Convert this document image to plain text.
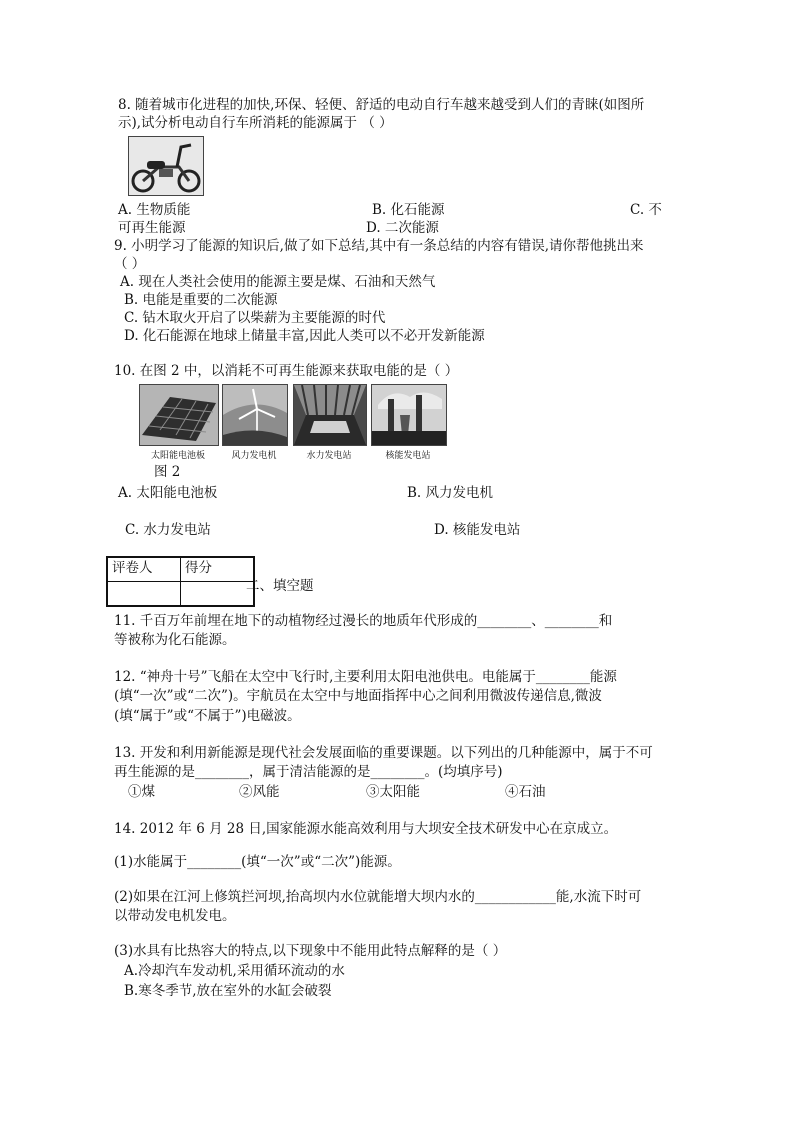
8. 随着城市化进程的加快,环保、轻便、舒适的电动自行车越来越受到人们的青睐(如图所
示),试分析电动自行车所消耗的能源属于 （ ）
A. 生物质能	B. 化石能源	C. 不
可再生能源	D. 二次能源
9. 小明学习了能源的知识后,做了如下总结,其中有一条总结的内容有错误,请你帮他挑出来
（ ）
A. 现在人类社会使用的能源主要是煤、石油和天然气
B. 电能是重要的二次能源
C. 钻木取火开启了以柴薪为主要能源的时代
D. 化石能源在地球上储量丰富,因此人类可以不必开发新能源
10. 在图 2 中，以消耗不可再生能源来获取电能的是（ ）
太阳能电池板	风力发电机	水力发电站	核能发电站
图 2
A. 太阳能电池板	B. 风力发电机
C. 水力发电站	D. 核能发电站
评卷人	得分

二、填空题
11. 千百万年前埋在地下的动植物经过漫长的地质年代形成的________、________和
等被称为化石能源。
12. “神舟十号”飞船在太空中飞行时,主要利用太阳电池供电。电能属于________能源
(填“一次”或“二次”)。宇航员在太空中与地面指挥中心之间利用微波传递信息,微波
(填“属于”或“不属于”)电磁波。
13. 开发和利用新能源是现代社会发展面临的重要课题。以下列出的几种能源中，属于不可
再生能源的是________，属于清洁能源的是________。(均填序号)
①煤	②风能	③太阳能	④石油
14. 2012 年 6 月 28 日,国家能源水能高效利用与大坝安全技术研发中心在京成立。
(1)水能属于________(填“一次”或“二次”)能源。
(2)如果在江河上修筑拦河坝,抬高坝内水位就能增大坝内水的____________能,水流下时可
以带动发电机发电。
(3)水具有比热容大的特点,以下现象中不能用此特点解释的是（ ）
A.冷却汽车发动机,采用循环流动的水
B.寒冬季节,放在室外的水缸会破裂
